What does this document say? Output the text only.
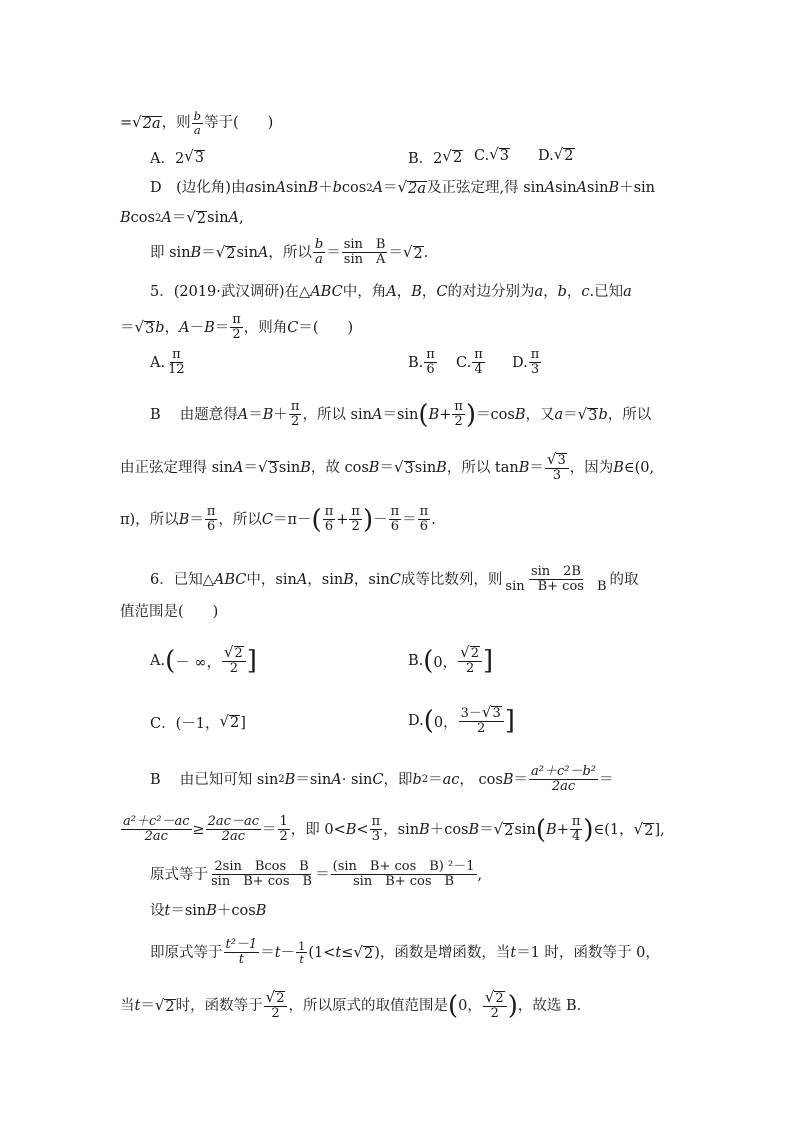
= √ 2a ，则 $\frac{b}{a}$ 等于(　　)
A．2 √ 3	B．2 √ 2 C. √ 3 D. √ 2
D　(边化角)由 a sin A sin B ＋ b cos 2 A ＝ √ 2a 及正弦定理,得 sin A sin A sin B ＋sin
B cos 2 A ＝ √ 2 sin A ,
即 sin B ＝ √ 2 sin A ，所以 $\frac{b}{a} = \frac{\text{sin　B}}{\text{sin　A}}$ ＝ √ 2 .
5．(2019·武汉调研)在△ ABC 中，角 A ， B ， C 的对边分别为 a ， b ， c .已知 a
＝ √ 3 b ， $A - B = \frac{\pi}{2}$ ，则角 C ＝(　　)
A. $\frac{\pi}{12}$	B. $\frac{\pi}{6} C$. $\frac{\pi}{4} D$. $\frac{\pi}{3}$
B　 由题意得 $A = B + \frac{\pi}{2}$ ，所以 sin A ＝sin ( $B + \frac{\pi}{2}$ ) ＝cos B ，又 a ＝ √ 3 b ，所以
由正弦定理得 sin A ＝ √ 3 sin B ，故 cos B ＝ √ 3 sin B ，所以 $\tan B = \frac{√ 3}{3}$ ，因为 B ∈(0,
π)，所以 $B = \frac{\pi}{6}$ ，所以 C ＝π－ ( $\frac{\pi}{6} + \frac{\pi}{2}$ ) － $\frac{\pi}{6} = \frac{\pi}{6}$ .
6．已知△ ABC 中，sin A ，sin B ，sin C 成等比数列，则 $\frac{\sin 2B}{\text{sin　B+ cos　B}}$ 的取
值范围是(　　)
A. ( － ∞， $\frac{√ 2}{2}$ ]	B. ( 0， $\frac{√ 2}{2}$ ]
C．(－1， √ 2 ]	D. ( 0， $\frac{3- √ 3}{2}$ ]
B　 由已知可知 sin 2 B ＝sin A · sin C ，即 b 2 ＝ ac ， $\cos B = \frac{\text{a²＋c²－b²}}{2ac}$ ＝
$\frac{\text{a²＋c²－ac}}{2ac} \ge \frac{2ac-ac}{2ac} = \frac{1}{2}$ ，即 $0< B < \frac{\pi}{3}$ ，sin B ＋cos B ＝ √ 2 sin ( $B + \frac{\pi}{4}$ ) ∈(1， √ 2 ],
原式等于 $\frac{\text{2sin　Bcos　B}}{\text{sin　B+ cos　B}} = \frac{\text{(sin　B+ cos　B) ²－1}}{\text{sin　B+ cos　B}}$ ,
设 t ＝sin B ＋cos B
即原式等于 $\frac{\text{t²－1}}{t} = t - \frac{1}{t} (1< t$ ≤ √ 2 )，函数是增函数，当 t ＝1 时，函数等于 0，
当 t ＝ √ 2 时，函数等于 $\frac{√ 2}{2}$ ，所以原式的取值范围是 ( 0， $\frac{√ 2}{2}$ ) ，故选 B.
